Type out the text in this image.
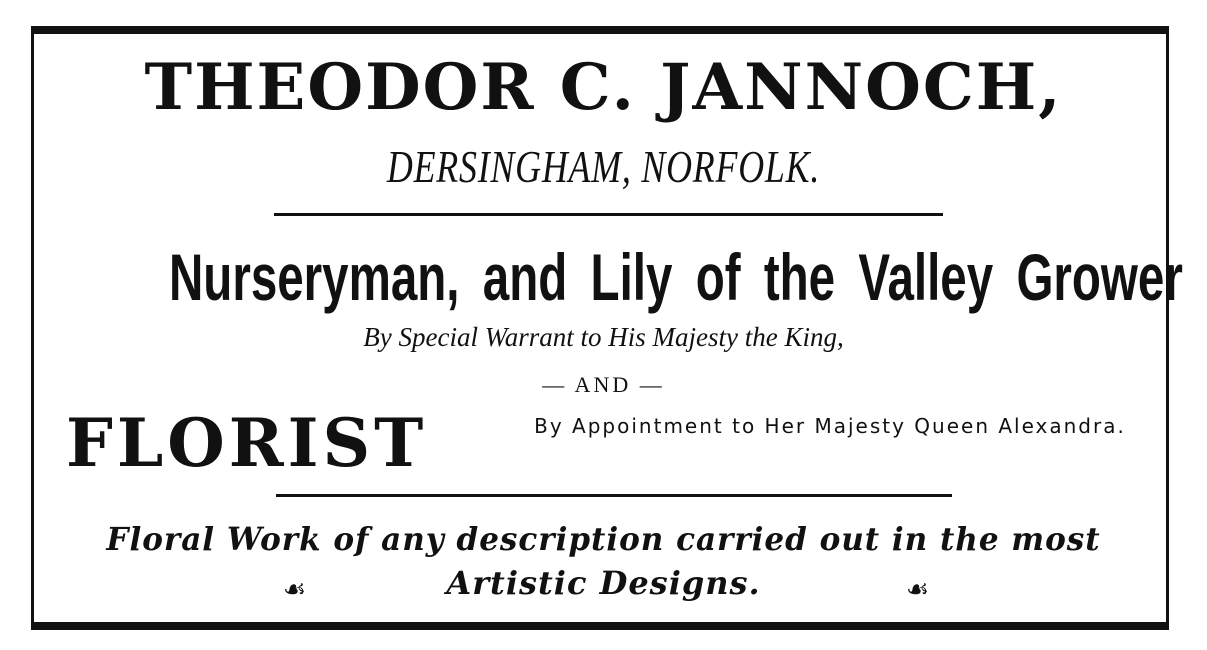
THEODOR C. JANNOCH,
DERSINGHAM, NORFOLK.
Nurseryman, and Lily of the Valley Grower
By Special Warrant to His Majesty the King,
— AND —
FLORIST	By Appointment to Her Majesty Queen Alexandra.
Floral Work of any description carried out in the most
Artistic Designs.
☙	☙
